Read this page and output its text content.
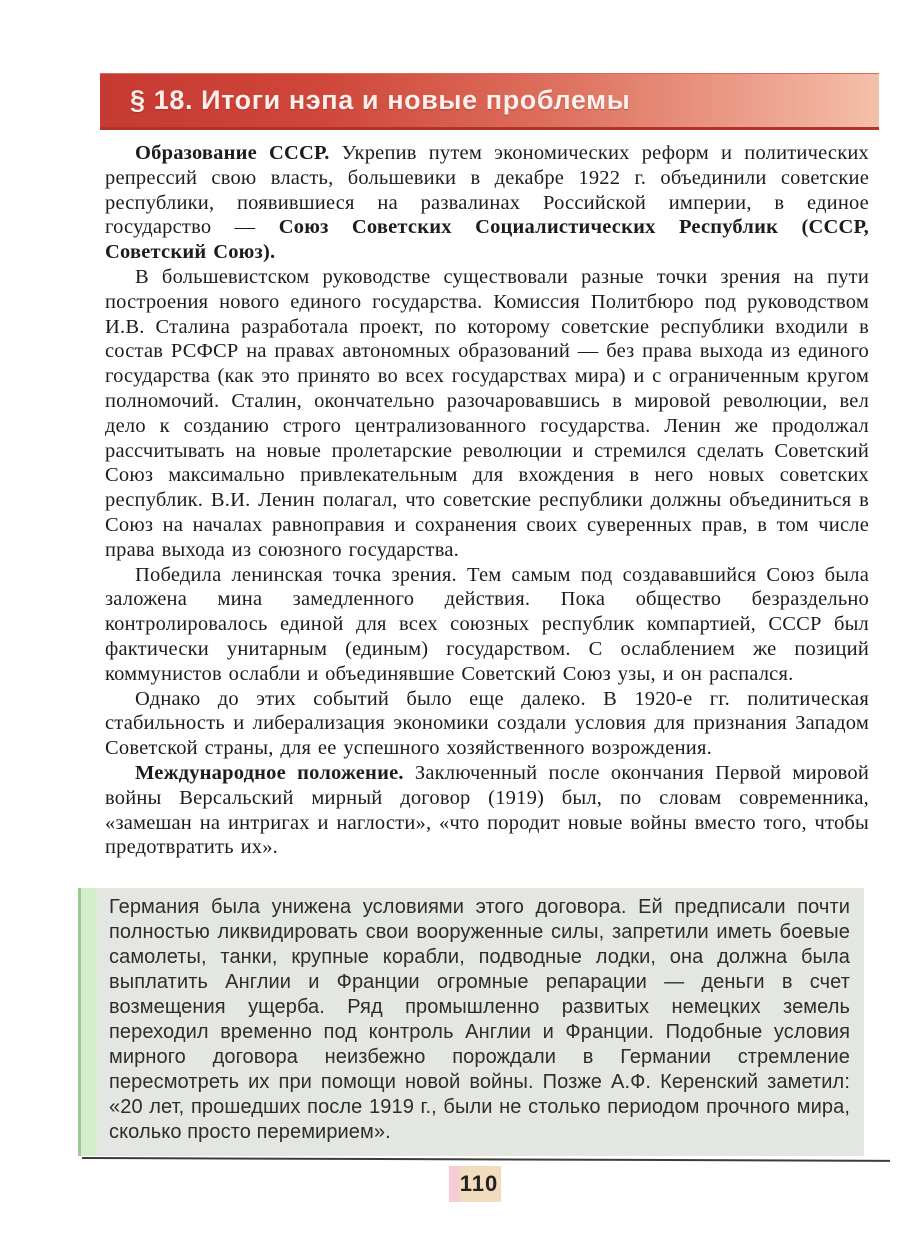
§ 18. Итоги нэпа и новые проблемы

Образование СССР. Укрепив путем экономических реформ и политических репрессий свою власть, большевики в декабре 1922 г. объединили советские республики, появившиеся на развалинах Российской империи, в единое государство — Союз Советских Социалистических Республик (СССР, Советский Союз).

В большевистском руководстве существовали разные точки зрения на пути построения нового единого государства. Комиссия Политбюро под руководством И.В. Сталина разработала проект, по которому советские республики входили в состав РСФСР на правах автономных образований — без права выхода из единого государства (как это принято во всех государствах мира) и с ограниченным кругом полномочий. Сталин, окончательно разочаровавшись в мировой революции, вел дело к созданию строго централизованного государства. Ленин же продолжал рассчитывать на новые пролетарские революции и стремился сделать Советский Союз максимально привлекательным для вхождения в него новых советских республик. В.И. Ленин полагал, что советские республики должны объединиться в Союз на началах равноправия и сохранения своих суверенных прав, в том числе права выхода из союзного государства.

Победила ленинская точка зрения. Тем самым под создававшийся Союз была заложена мина замедленного действия. Пока общество безраздельно контролировалось единой для всех союзных республик компартией, СССР был фактически унитарным (единым) государством. С ослаблением же позиций коммунистов ослабли и объединявшие Советский Союз узы, и он распался.

Однако до этих событий было еще далеко. В 1920-е гг. политическая стабильность и либерализация экономики создали условия для признания Западом Советской страны, для ее успешного хозяйственного возрождения.

Международное положение. Заключенный после окончания Первой мировой войны Версальский мирный договор (1919) был, по словам современника, «замешан на интригах и наглости», «что породит новые войны вместо того, чтобы предотвратить их».

Германия была унижена условиями этого договора. Ей предписали почти полностью ликвидировать свои вооруженные силы, запретили иметь боевые самолеты, танки, крупные корабли, подводные лодки, она должна была выплатить Англии и Франции огромные репарации — деньги в счет возмещения ущерба. Ряд промышленно развитых немецких земель переходил временно под контроль Англии и Франции. Подобные условия мирного договора неизбежно порождали в Германии стремление пересмотреть их при помощи новой войны. Позже А.Ф. Керенский заметил: «20 лет, прошедших после 1919 г., были не столько периодом прочного мира, сколько просто перемирием».
110
